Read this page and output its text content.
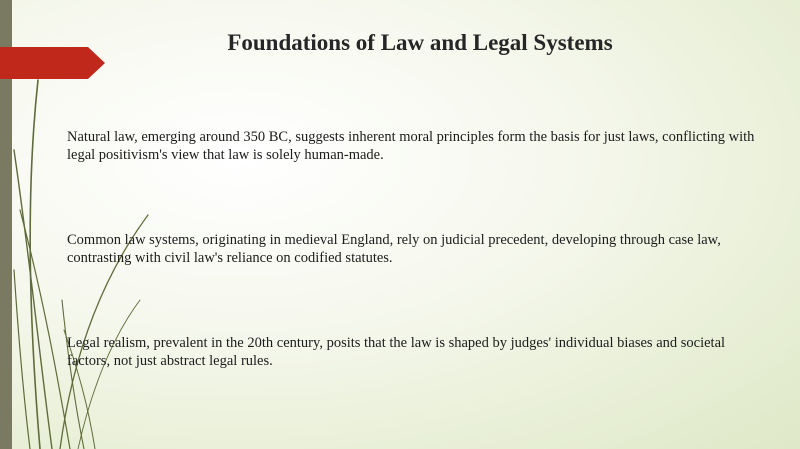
Foundations of Law and Legal Systems

Natural law, emerging around 350 BC, suggests inherent moral principles form the basis for just laws, conflicting with legal positivism's view that law is solely human-made.

Common law systems, originating in medieval England, rely on judicial precedent, developing through case law, contrasting with civil law's reliance on codified statutes.

Legal realism, prevalent in the 20th century, posits that the law is shaped by judges' individual biases and societal factors, not just abstract legal rules.
